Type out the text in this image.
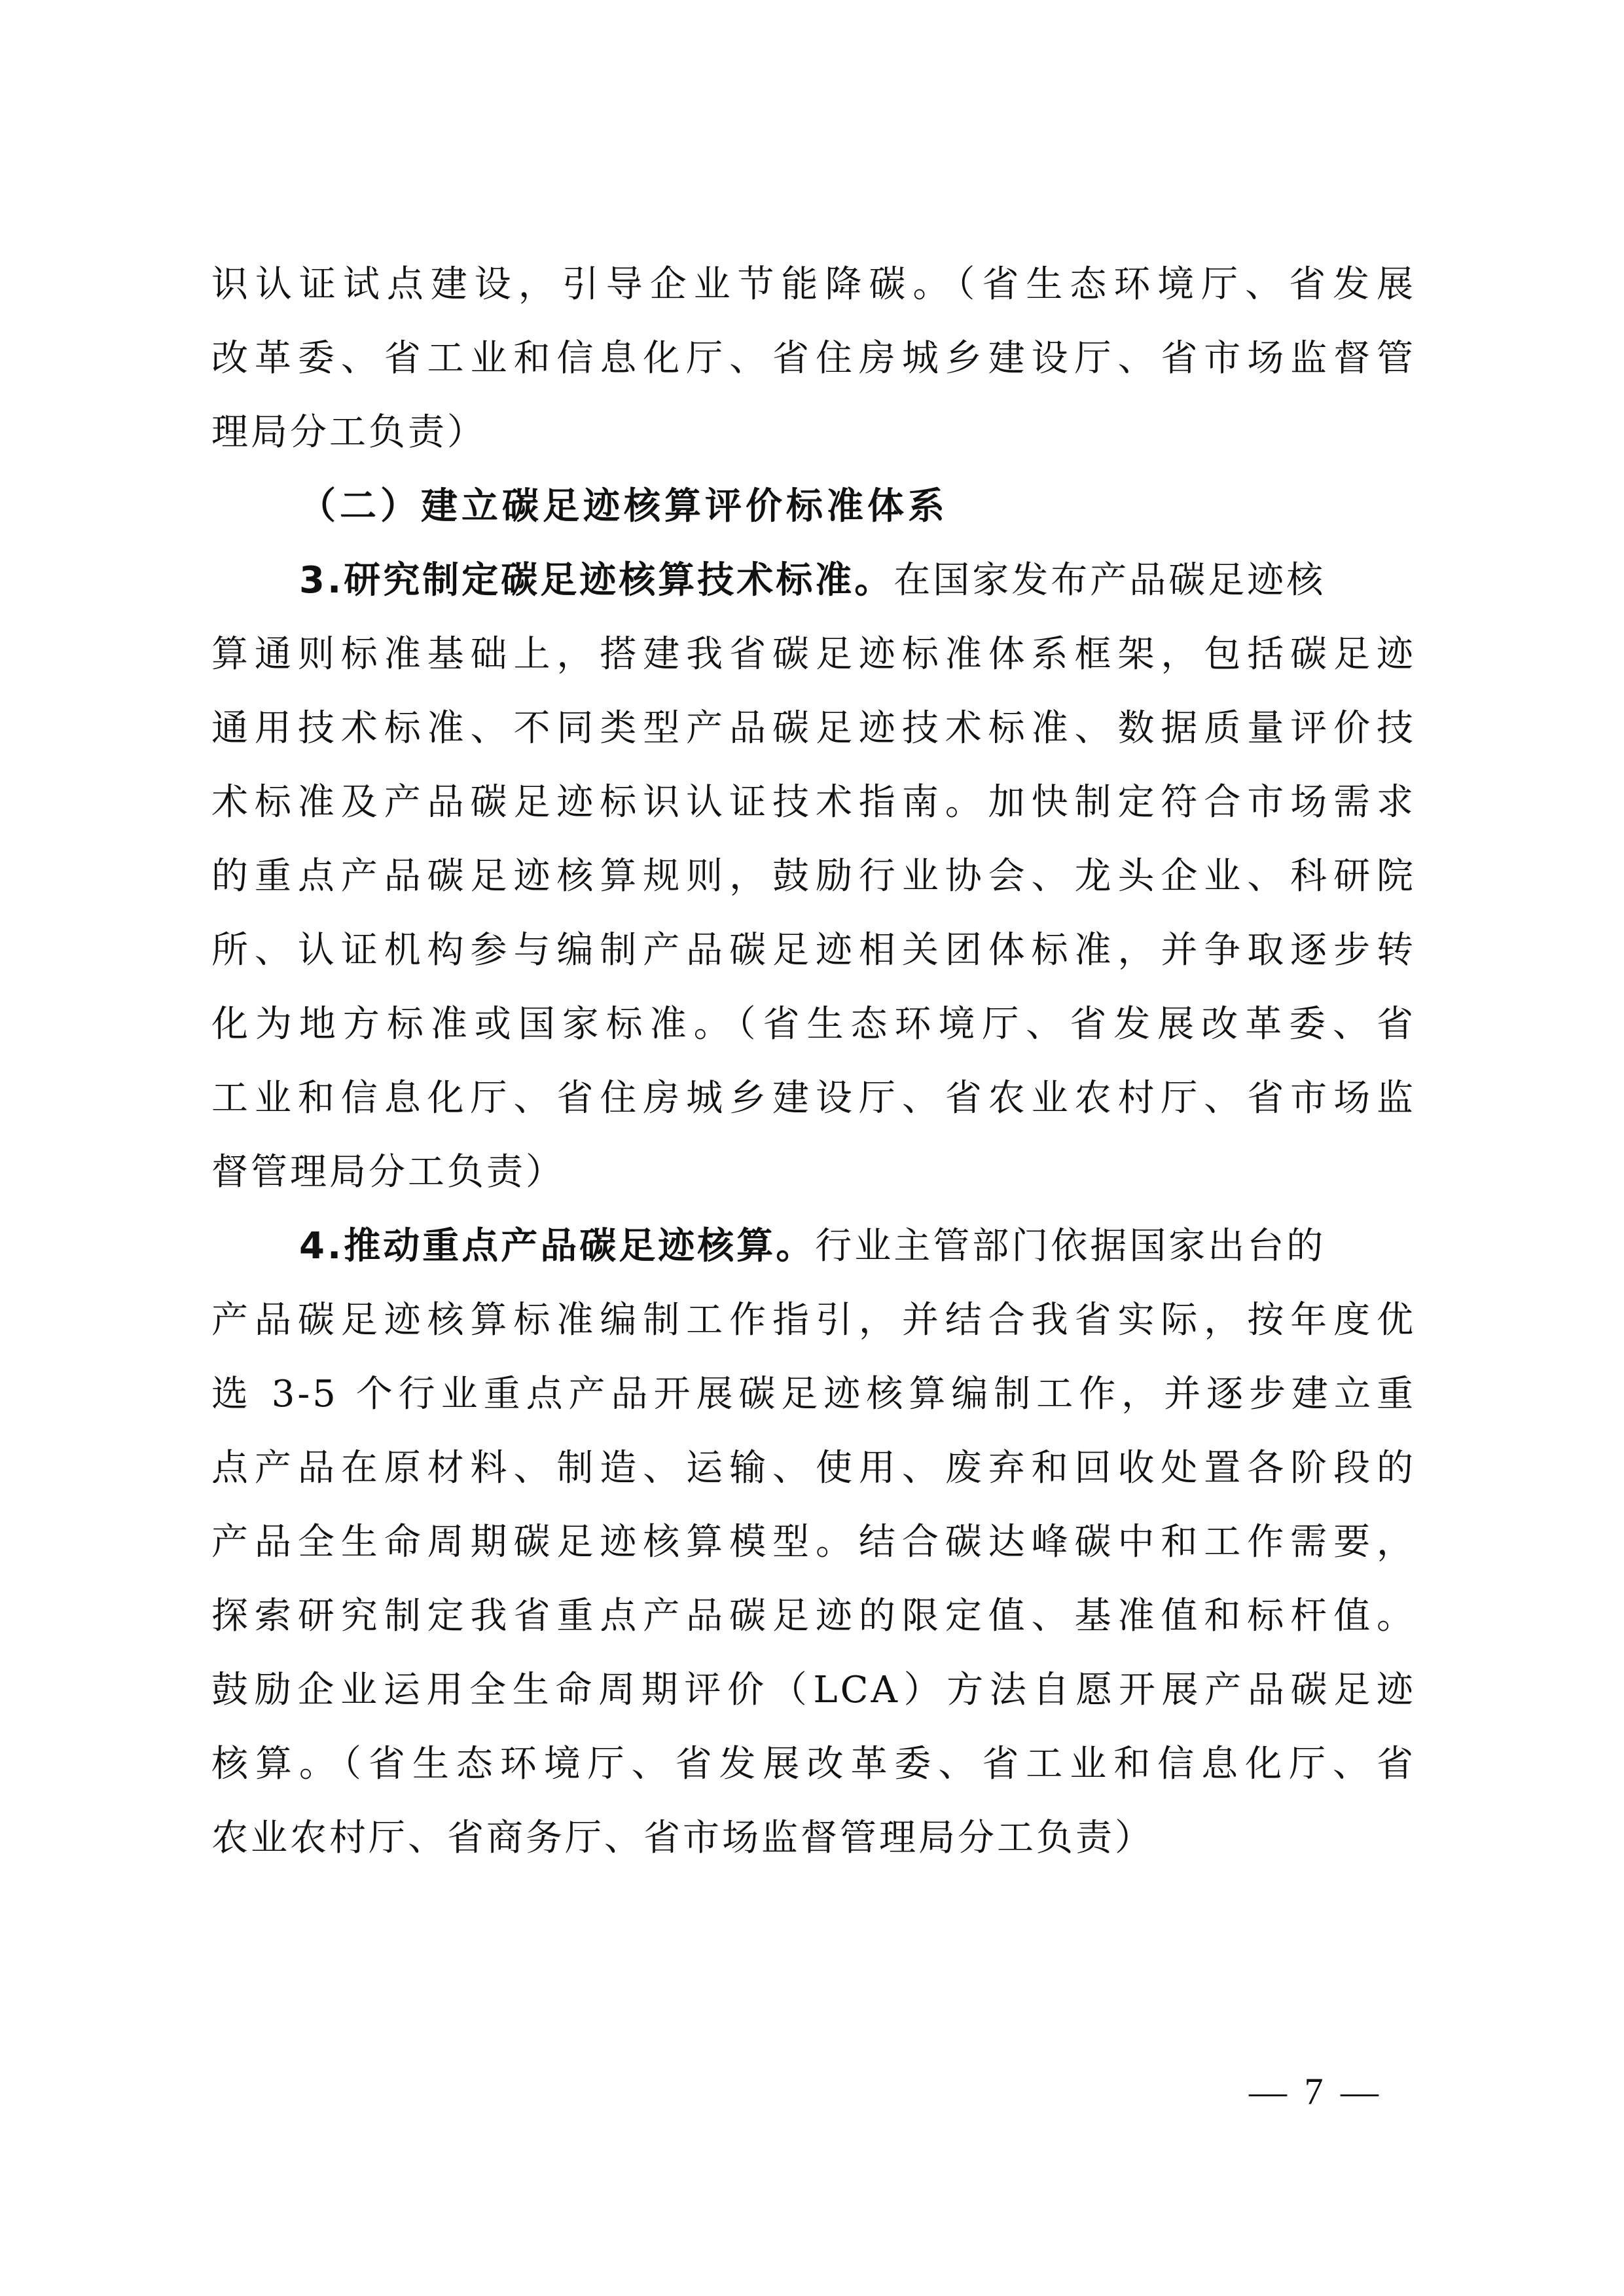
识认证试点建设，引导企业节能降碳。（省生态环境厅、省发展
改革委、省工业和信息化厅、省住房城乡建设厅、省市场监督管
理局分工负责）
（二）建立碳足迹核算评价标准体系
3.研究制定碳足迹核算技术标准。在国家发布产品碳足迹核
算通则标准基础上，搭建我省碳足迹标准体系框架，包括碳足迹
通用技术标准、不同类型产品碳足迹技术标准、数据质量评价技
术标准及产品碳足迹标识认证技术指南。加快制定符合市场需求
的重点产品碳足迹核算规则，鼓励行业协会、龙头企业、科研院
所、认证机构参与编制产品碳足迹相关团体标准，并争取逐步转
化为地方标准或国家标准。（省生态环境厅、省发展改革委、省
工业和信息化厅、省住房城乡建设厅、省农业农村厅、省市场监
督管理局分工负责）
4.推动重点产品碳足迹核算。行业主管部门依据国家出台的
产品碳足迹核算标准编制工作指引，并结合我省实际，按年度优
选 3-5 个行业重点产品开展碳足迹核算编制工作，并逐步建立重
点产品在原材料、制造、运输、使用、废弃和回收处置各阶段的
产品全生命周期碳足迹核算模型。结合碳达峰碳中和工作需要，
探索研究制定我省重点产品碳足迹的限定值、基准值和标杆值。
鼓励企业运用全生命周期评价（LCA）方法自愿开展产品碳足迹
核算。（省生态环境厅、省发展改革委、省工业和信息化厅、省
农业农村厅、省商务厅、省市场监督管理局分工负责）
— 7 —
